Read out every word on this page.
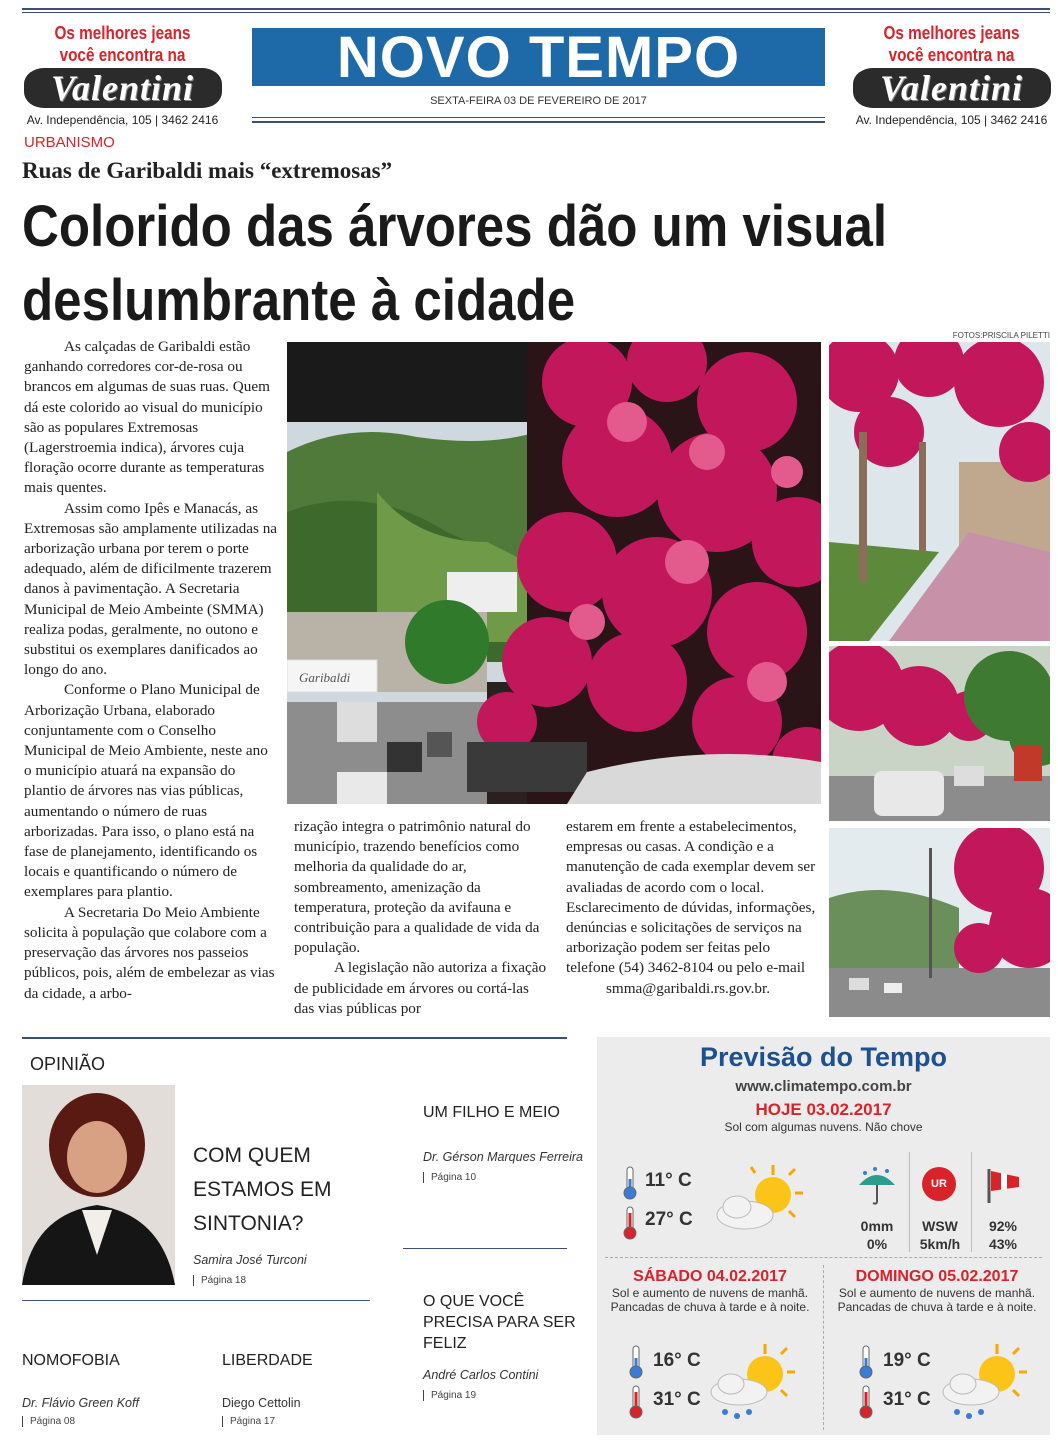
Os melhores jeans
você encontra na
Valentini
Av. Independência, 105 | 3462 2416
NOVO TEMPO
SEXTA-FEIRA 03 DE FEVEREIRO DE 2017
Os melhores jeans
você encontra na
Valentini
Av. Independência, 105 | 3462 2416
URBANISMO
Ruas de Garibaldi mais “extremosas”
Colorido das árvores dão um visual
deslumbrante à cidade
FOTOS:PRISCILA PILETTI
Garibaldi

As calçadas de Garibaldi estão ganhando corredores cor-de-rosa ou brancos em algumas de suas ruas. Quem dá este colorido ao visual do município são as populares Extremosas (Lagerstroemia indica), árvores cuja floração ocorre durante as temperaturas mais quentes.

Assim como Ipês e Manacás, as Extremosas são amplamente utilizadas na arborização urbana por terem o porte adequado, além de dificilmente trazerem danos à pavimentação. A Secretaria Municipal de Meio Ambeinte (SMMA) realiza podas, geralmente, no outono e substitui os exemplares danificados ao longo do ano.

Conforme o Plano Municipal de Arborização Urbana, elaborado conjuntamente com o Conselho Municipal de Meio Ambiente, neste ano o município atuará na expansão do plantio de árvores nas vias públicas, aumentando o número de ruas arborizadas. Para isso, o plano está na fase de planejamento, identificando os locais e quantificando o número de exemplares para plantio.

A Secretaria Do Meio Ambiente solicita à população que colabore com a preservação das árvores nos passeios públicos, pois, além de embelezar as vias da cidade, a arbo-

rização integra o patrimônio natural do município, trazendo benefícios como melhoria da qualidade do ar, sombreamento, amenização da temperatura, proteção da avifauna e contribuição para a qualidade de vida da população.

A legislação não autoriza a fixação de publicidade em árvores ou cortá-las das vias públicas por

estarem em frente a estabelecimentos, empresas ou casas. A condição e a manutenção de cada exemplar devem ser avaliadas de acordo com o local. Esclarecimento de dúvidas, informações, denúncias e solicitações de serviços na arborização podem ser feitas pelo telefone (54) 3462-8104 ou pelo e-mail

smma@garibaldi.rs.gov.br.

OPINIÃO
COM QUEM ESTAMOS EM SINTONIA?
Samira José Turconi
Página 18
UM FILHO E MEIO
Dr. Gérson Marques Ferreira
Página 10
O QUE VOCÊ PRECISA PARA SER FELIZ
André Carlos Contini
Página 19
NOMOFOBIA
Dr. Flávio Green Koff
Página 08
LIBERDADE
Diego Cettolin
Página 17
Previsão do Tempo
www.climatempo.com.br
HOJE 03.02.2017
Sol com algumas nuvens. Não chove
11° C
27° C	0mm
0%
UR
WSW
5km/h
92%
43%
SÁBADO 04.02.2017
Sol e aumento de nuvens de manhã.
Pancadas de chuva à tarde e à noite.
16° C
31° C
DOMINGO 05.02.2017
Sol e aumento de nuvens de manhã.
Pancadas de chuva à tarde e à noite.
19° C
31° C
